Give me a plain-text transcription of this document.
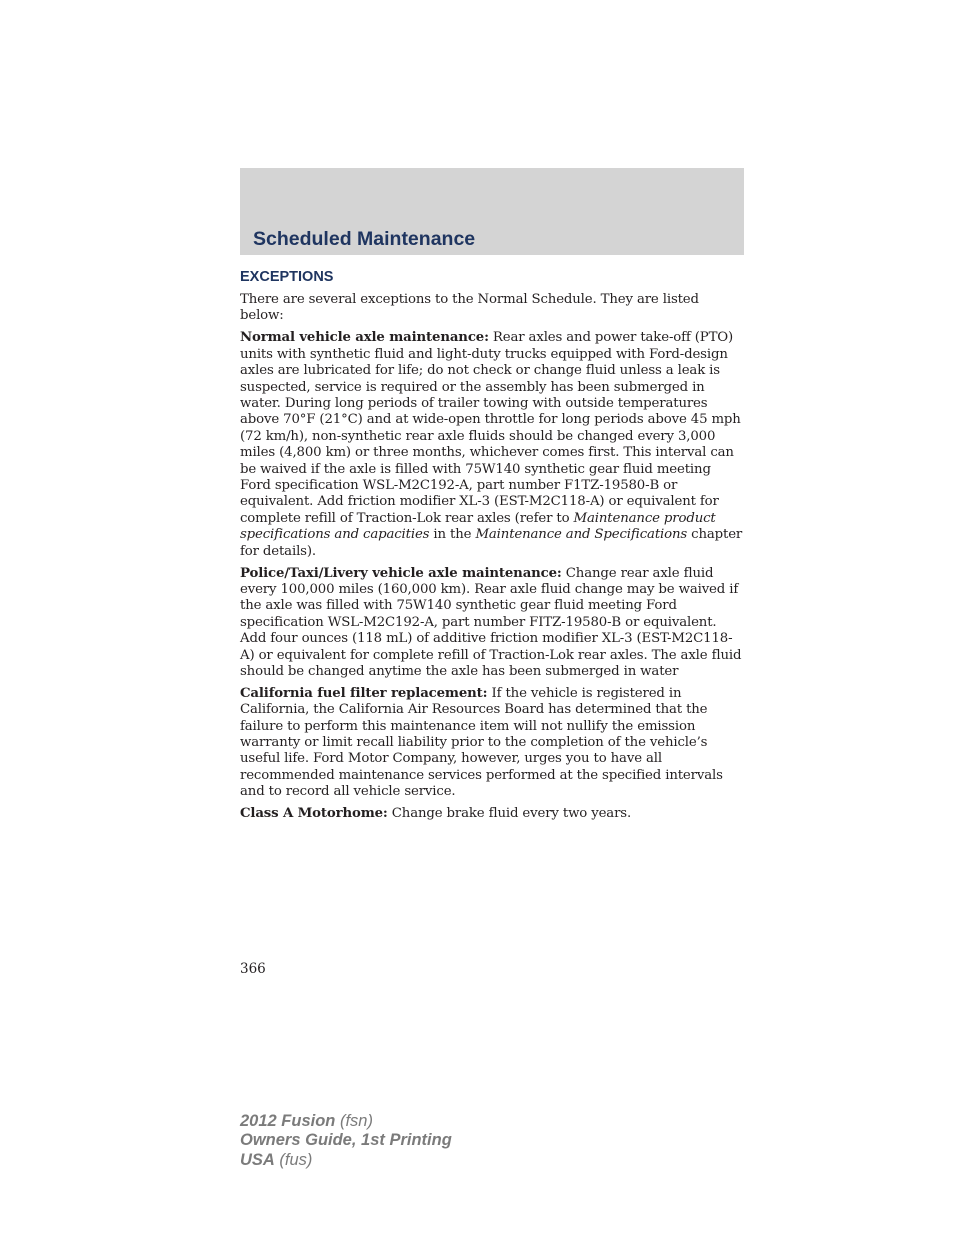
Scheduled Maintenance
EXCEPTIONS

There are several exceptions to the Normal Schedule. They are listed below:

Normal vehicle axle maintenance: Rear axles and power take-off (PTO) units with synthetic fluid and light-duty trucks equipped with Ford-design axles are lubricated for life; do not check or change fluid unless a leak is suspected, service is required or the assembly has been submerged in water. During long periods of trailer towing with outside temperatures above 70°F (21°C) and at wide-open throttle for long periods above 45 mph (72 km/h), non-synthetic rear axle fluids should be changed every 3,000 miles (4,800 km) or three months, whichever comes first. This interval can be waived if the axle is filled with 75W140 synthetic gear fluid meeting Ford specification WSL-M2C192-A, part number F1TZ-19580-B or equivalent. Add friction modifier XL-3 (EST-M2C118-A) or equivalent for complete refill of Traction-Lok rear axles (refer to Maintenance product specifications and capacities in the Maintenance and Specifications chapter for details).

Police/Taxi/Livery vehicle axle maintenance: Change rear axle fluid every 100,000 miles (160,000 km). Rear axle fluid change may be waived if the axle was filled with 75W140 synthetic gear fluid meeting Ford specification WSL-M2C192-A, part number FITZ-19580-B or equivalent. Add four ounces (118 mL) of additive friction modifier XL-3 (EST-M2C118-A) or equivalent for complete refill of Traction-Lok rear axles. The axle fluid should be changed anytime the axle has been submerged in water

California fuel filter replacement: If the vehicle is registered in California, the California Air Resources Board has determined that the failure to perform this maintenance item will not nullify the emission warranty or limit recall liability prior to the completion of the vehicle’s useful life. Ford Motor Company, however, urges you to have all recommended maintenance services performed at the specified intervals and to record all vehicle service.

Class A Motorhome: Change brake fluid every two years.

366
2012 Fusion (fsn)
Owners Guide, 1st Printing
USA (fus)
